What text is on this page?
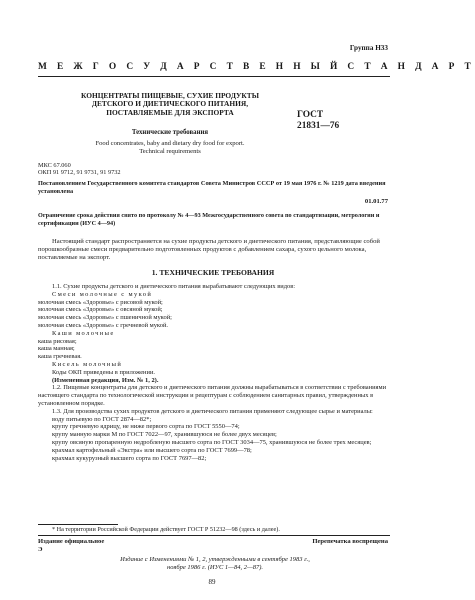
Группа Н33
М Е Ж Г О С У Д А Р С Т В Е Н Н Ы Й С Т А Н Д А Р Т
КОНЦЕНТРАТЫ ПИЩЕВЫЕ, СУХИЕ ПРОДУКТЫ
ДЕТСКОГО И ДИЕТИЧЕСКОГО ПИТАНИЯ,
ПОСТАВЛЯЕМЫЕ ДЛЯ ЭКСПОРТА	ГОСТ
21831—76
Технические требования
Food concentrates, baby and dietary dry food for export.
Technical requirements
МКС 67.060
ОКП 91 9712, 91 9731, 91 9732
Постановлением Государственного комитета стандартов Совета Министров СССР от 19 мая 1976 г. № 1219 дата введения установлена
01.01.77
Ограничение срока действия снято по протоколу № 4—93 Межгосударственного совета по стандартизации, метрологии и сертификации (ИУС 4—94)
Настоящий стандарт распространяется на сухие продукты детского и диетического питания, представляющие собой порошкообразные смеси предварительно подготовленных продуктов с добавлением сахара, сухого цельного молока, поставляемые на экспорт.
1. ТЕХНИЧЕСКИЕ ТРЕБОВАНИЯ
1.1. Сухие продукты детского и диетического питания вырабатывают следующих видов:
Смеси молочные с мукой
молочная смесь «Здоровье» с рисовой мукой;
молочная смесь «Здоровье» с овсяной мукой;
молочная смесь «Здоровье» с пшеничной мукой;
молочная смесь «Здоровье» с гречневой мукой.
Каши молочные
каша рисовая;
каша манная;
каша гречневая.
Кисель молочный
Коды ОКП приведены в приложении.
(Измененная редакция, Изм. № 1, 2).
1.2. Пищевые концентраты для детского и диетического питания должны вырабатываться в соответствии с требованиями настоящего стандарта по технологической инструкции и рецептурам с соблюдением санитарных правил, утвержденных в установленном порядке.
1.3. Для производства сухих продуктов детского и диетического питания применяют следующее сырье и материалы:
воду питьевую по ГОСТ 2874—82*;
крупу гречневую ядрицу, не ниже первого сорта по ГОСТ 5550—74;
крупу манную марки М по ГОСТ 7022—97, хранившуюся не более двух месяцев;
крупу овсяную пропаренную недробленую высшего сорта по ГОСТ 3034—75, хранившуюся не более трех месяцев;
крахмал картофельный «Экстра» или высшего сорта по ГОСТ 7699—78;
крахмал кукурузный высшего сорта по ГОСТ 7697—82;
* На территории Российской Федерации действует ГОСТ Р 51232—98 (здесь и далее).
Издание официальное
Э
Перепечатка воспрещена
Издание с Изменениями № 1, 2, утвержденными в сентябре 1983 г.,
ноябре 1986 г. (ИУС 1—84, 2—87).
89
